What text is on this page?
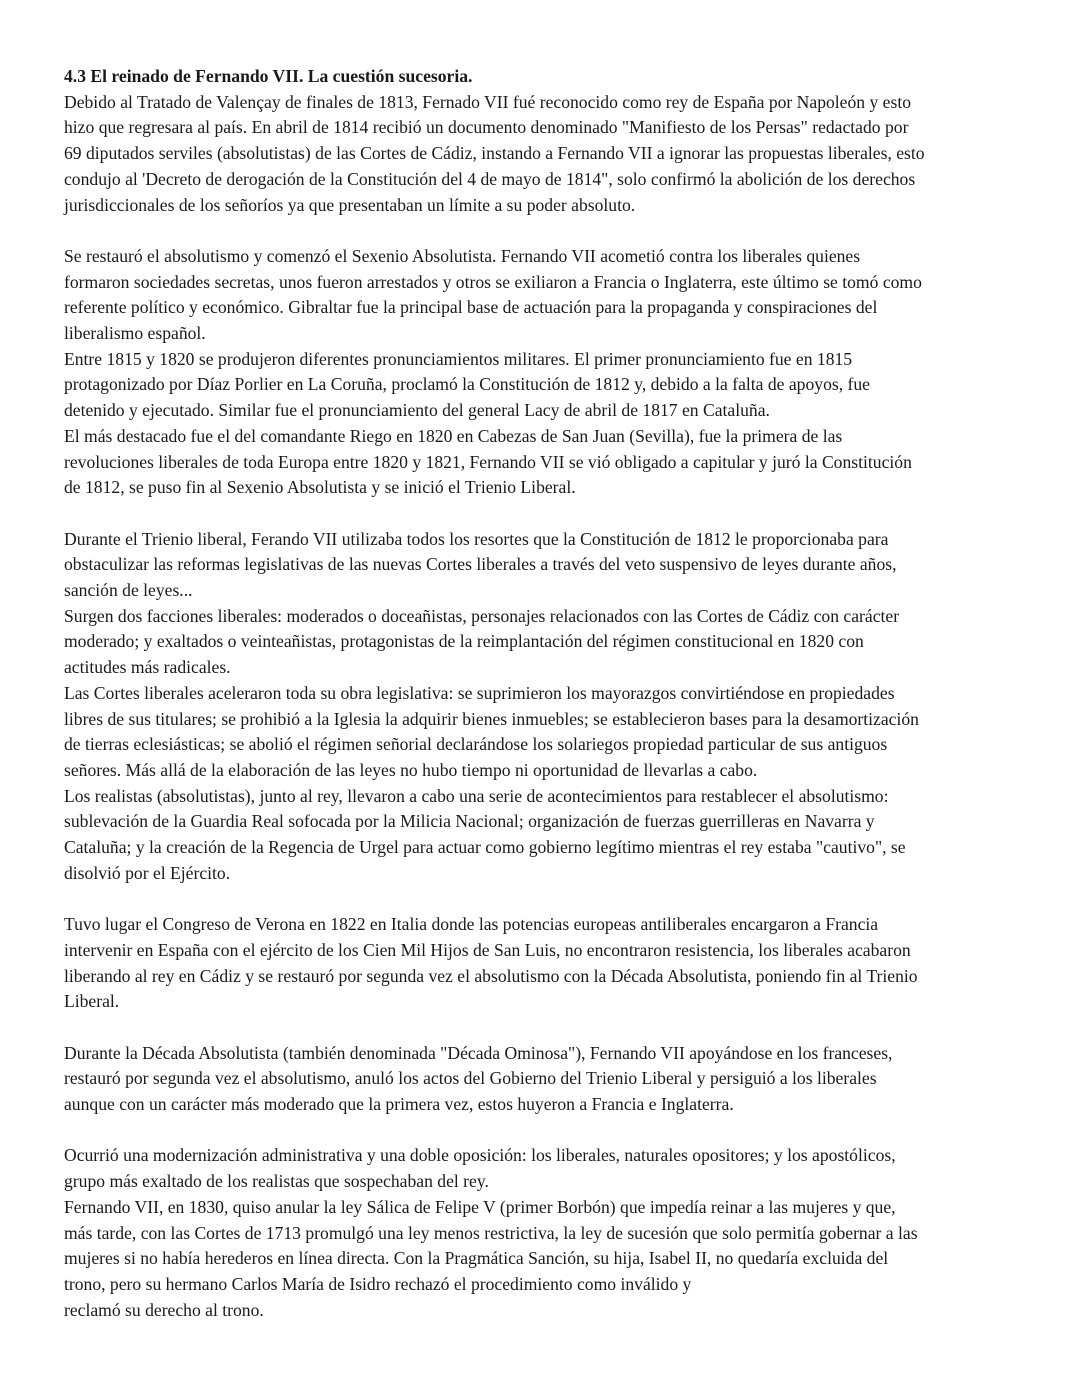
4.3 El reinado de Fernando VII. La cuestión sucesoria.
Debido al Tratado de Valençay de finales de 1813, Fernado VII fué reconocido como rey de España por Napoleón y esto
hizo que regresara al país. En abril de 1814 recibió un documento denominado "Manifiesto de los Persas" redactado por
69 diputados serviles (absolutistas) de las Cortes de Cádiz, instando a Fernando VII a ignorar las propuestas liberales, esto
condujo al 'Decreto de derogación de la Constitución del 4 de mayo de 1814", solo confirmó la abolición de los derechos
jurisdiccionales de los señoríos ya que presentaban un límite a su poder absoluto.
Se restauró el absolutismo y comenzó el Sexenio Absolutista. Fernando VII acometió contra los liberales quienes
formaron sociedades secretas, unos fueron arrestados y otros se exiliaron a Francia o Inglaterra, este último se tomó como
referente político y económico. Gibraltar fue la principal base de actuación para la propaganda y conspiraciones del
liberalismo español.
Entre 1815 y 1820 se produjeron diferentes pronunciamientos militares. El primer pronunciamiento fue en 1815
protagonizado por Díaz Porlier en La Coruña, proclamó la Constitución de 1812 y, debido a la falta de apoyos, fue
detenido y ejecutado. Similar fue el pronunciamiento del general Lacy de abril de 1817 en Cataluña.
El más destacado fue el del comandante Riego en 1820 en Cabezas de San Juan (Sevilla), fue la primera de las
revoluciones liberales de toda Europa entre 1820 y 1821, Fernando VII se vió obligado a capitular y juró la Constitución
de 1812, se puso fin al Sexenio Absolutista y se inició el Trienio Liberal.
Durante el Trienio liberal, Ferando VII utilizaba todos los resortes que la Constitución de 1812 le proporcionaba para
obstaculizar las reformas legislativas de las nuevas Cortes liberales a través del veto suspensivo de leyes durante años,
sanción de leyes...
Surgen dos facciones liberales: moderados o doceañistas, personajes relacionados con las Cortes de Cádiz con carácter
moderado; y exaltados o veinteañistas, protagonistas de la reimplantación del régimen constitucional en 1820 con
actitudes más radicales.
Las Cortes liberales aceleraron toda su obra legislativa: se suprimieron los mayorazgos convirtiéndose en propiedades
libres de sus titulares; se prohibió a la Iglesia la adquirir bienes inmuebles; se establecieron bases para la desamortización
de tierras eclesiásticas; se abolió el régimen señorial declarándose los solariegos propiedad particular de sus antiguos
señores. Más allá de la elaboración de las leyes no hubo tiempo ni oportunidad de llevarlas a cabo.
Los realistas (absolutistas), junto al rey, llevaron a cabo una serie de acontecimientos para restablecer el absolutismo:
sublevación de la Guardia Real sofocada por la Milicia Nacional; organización de fuerzas guerrilleras en Navarra y
Cataluña; y la creación de la Regencia de Urgel para actuar como gobierno legítimo mientras el rey estaba "cautivo", se
disolvió por el Ejército.
Tuvo lugar el Congreso de Verona en 1822 en Italia donde las potencias europeas antiliberales encargaron a Francia
intervenir en España con el ejército de los Cien Mil Hijos de San Luis, no encontraron resistencia, los liberales acabaron
liberando al rey en Cádiz y se restauró por segunda vez el absolutismo con la Década Absolutista, poniendo fin al Trienio
Liberal.
Durante la Década Absolutista (también denominada "Década Ominosa"), Fernando VII apoyándose en los franceses,
restauró por segunda vez el absolutismo, anuló los actos del Gobierno del Trienio Liberal y persiguió a los liberales
aunque con un carácter más moderado que la primera vez, estos huyeron a Francia e Inglaterra.
Ocurrió una modernización administrativa y una doble oposición: los liberales, naturales opositores; y los apostólicos,
grupo más exaltado de los realistas que sospechaban del rey.
Fernando VII, en 1830, quiso anular la ley Sálica de Felipe V (primer Borbón) que impedía reinar a las mujeres y que,
más tarde, con las Cortes de 1713 promulgó una ley menos restrictiva, la ley de sucesión que solo permitía gobernar a las
mujeres si no había herederos en línea directa. Con la Pragmática Sanción, su hija, Isabel II, no quedaría excluida del
trono, pero su hermano Carlos María de Isidro rechazó el procedimiento como inválido y
reclamó su derecho al trono.
